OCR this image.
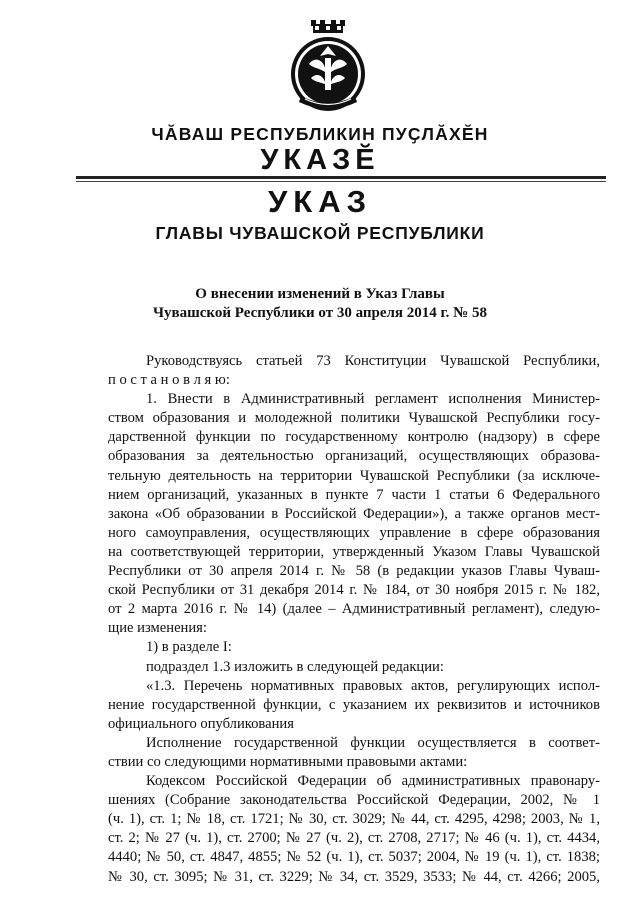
ЧӐВАШ РЕСПУБЛИКИН ПУҪЛӐХӖН
УКАЗӖ
УКАЗ
ГЛАВЫ ЧУВАШСКОЙ РЕСПУБЛИКИ
О внесении изменений в Указ Главы
Чувашской Республики от 30 апреля 2014 г. № 58
Руководствуясь статьей 73 Конституции Чувашской Республики,
п о с т а н о в л я ю:
1. Внести в Административный регламент исполнения Министер-
ством образования и молодежной политики Чувашской Республики госу-
дарственной функции по государственному контролю (надзору) в сфере
образования за деятельностью организаций, осуществляющих образова-
тельную деятельность на территории Чувашской Республики (за исключе-
нием организаций, указанных в пункте 7 части 1 статьи 6 Федерального
закона «Об образовании в Российской Федерации»), а также органов мест-
ного самоуправления, осуществляющих управление в сфере образования
на соответствующей территории, утвержденный Указом Главы Чувашской
Республики от 30 апреля 2014 г. № 58 (в редакции указов Главы Чуваш-
ской Республики от 31 декабря 2014 г. № 184, от 30 ноября 2015 г. № 182,
от 2 марта 2016 г. № 14) (далее – Административный регламент), следую-
щие изменения:
1) в разделе I:
подраздел 1.3 изложить в следующей редакции:
«1.3. Перечень нормативных правовых актов, регулирующих испол-
нение государственной функции, с указанием их реквизитов и источников
официального опубликования
Исполнение государственной функции осуществляется в соответ-
ствии со следующими нормативными правовыми актами:
Кодексом Российской Федерации об административных правонару-
шениях (Собрание законодательства Российской Федерации, 2002, № 1
(ч. 1), ст. 1; № 18, ст. 1721; № 30, ст. 3029; № 44, ст. 4295, 4298; 2003, № 1,
ст. 2; № 27 (ч. 1), ст. 2700; № 27 (ч. 2), ст. 2708, 2717; № 46 (ч. 1), ст. 4434,
4440; № 50, ст. 4847, 4855; № 52 (ч. 1), ст. 5037; 2004, № 19 (ч. 1), ст. 1838;
№ 30, ст. 3095; № 31, ст. 3229; № 34, ст. 3529, 3533; № 44, ст. 4266; 2005,
